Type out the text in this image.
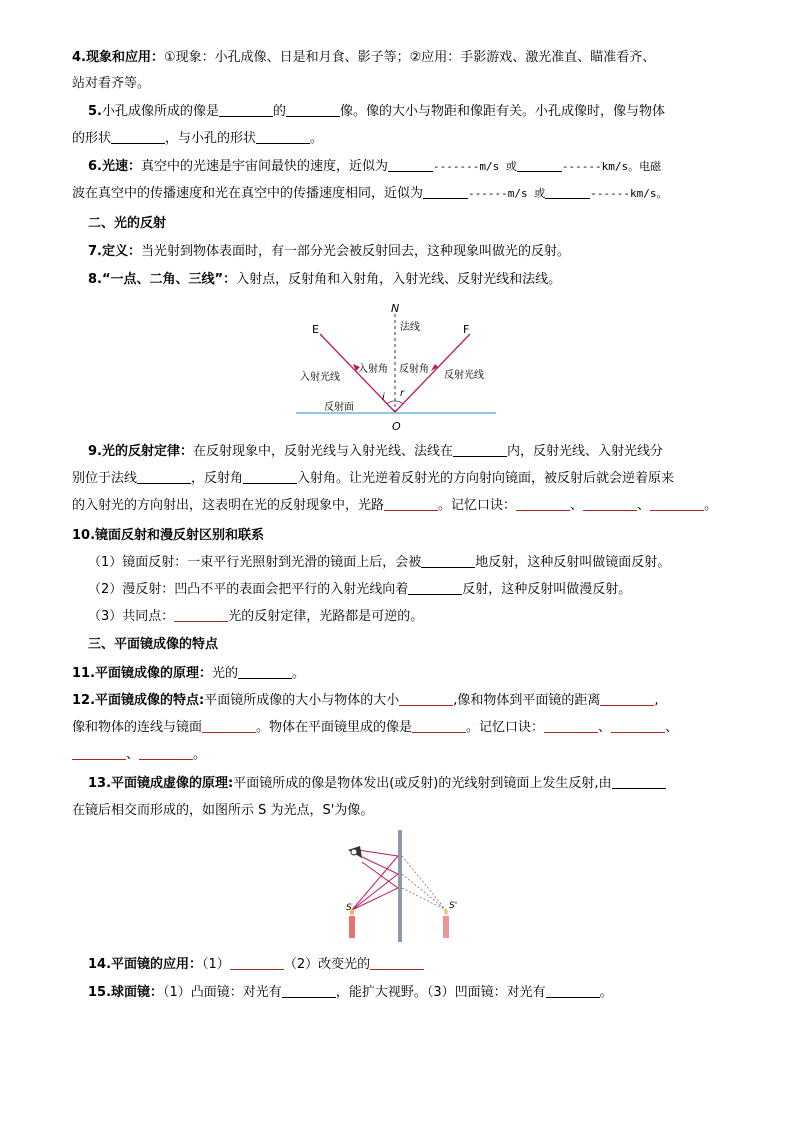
4.现象和应用：①现象：小孔成像、日是和月食、影子等；②应用：手影游戏、激光准直、瞄准看齐、
站对看齐等。
5.小孔成像所成的像是	的	像。像的大小与物距和像距有关。小孔成像时，像与物体
的形状	，与小孔的形状	。
6.光速：真空中的光速是宇宙间最快的速度，近似为	-------m/s 或	------km/s。电磁
波在真空中的传播速度和光在真空中的传播速度相同，近似为	------m/s 或	------km/s。
二、光的反射
7.定义：当光射到物体表面时，有一部分光会被反射回去，这种现象叫做光的反射。
8.“一点、二角、三线”：入射点，反射角和入射角，入射光线、反射光线和法线。
N
E	F
O
i r
法线
入射光线
入射角 反射角
反射光线
反射面
9.光的反射定律：在反射现象中，反射光线与入射光线、法线在	内，反射光线、入射光线分
别位于法线	，反射角	入射角。让光逆着反射光的方向射向镜面，被反射后就会逆着原来
的入射光的方向射出，这表明在光的反射现象中，光路	。记忆口诀：	、	、	。
10.镜面反射和漫反射区别和联系
（1）镜面反射：一束平行光照射到光滑的镜面上后，会被	地反射，这种反射叫做镜面反射。
（2）漫反射：凹凸不平的表面会把平行的入射光线向着	反射，这种反射叫做漫反射。
（3）共同点：	光的反射定律，光路都是可逆的。
三、平面镜成像的特点
11.平面镜成像的原理：光的	。
12.平面镜成像的特点:平面镜所成像的大小与物体的大小	,像和物体到平面镜的距离	,
像和物体的连线与镜面	。物体在平面镜里成的像是	。记忆口诀：	、	、
、	。
13.平面镜成虚像的原理:平面镜所成的像是物体发出(或反射)的光线射到镜面上发生反射,由
在镜后相交而形成的，如图所示 S 为光点，S'为像。
S	S'
14.平面镜的应用：（1）	（2）改变光的
15.球面镜：（1）凸面镜：对光有	，能扩大视野。（3）凹面镜：对光有	。
